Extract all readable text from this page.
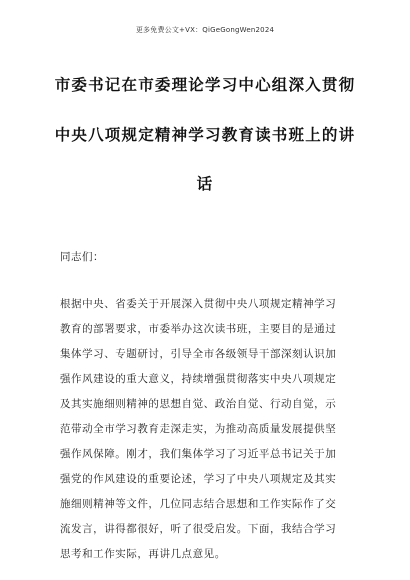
更多免费公文+VX：QiGeGongWen2024
市委书记在市委理论学习中心组深入贯彻
中央八项规定精神学习教育读书班上的讲
话
同志们：
根据中央、省委关于开展深入贯彻中央八项规定精神学习
教育的部署要求，市委举办这次读书班，主要目的是通过
集体学习、专题研讨，引导全市各级领导干部深刻认识加
强作风建设的重大意义，持续增强贯彻落实中央八项规定
及其实施细则精神的思想自觉、政治自觉、行动自觉，示
范带动全市学习教育走深走实，为推动高质量发展提供坚
强作风保障。刚才，我们集体学习了习近平总书记关于加
强党的作风建设的重要论述，学习了中央八项规定及其实
施细则精神等文件，几位同志结合思想和工作实际作了交
流发言，讲得都很好，听了很受启发。下面，我结合学习
思考和工作实际，再讲几点意见。
